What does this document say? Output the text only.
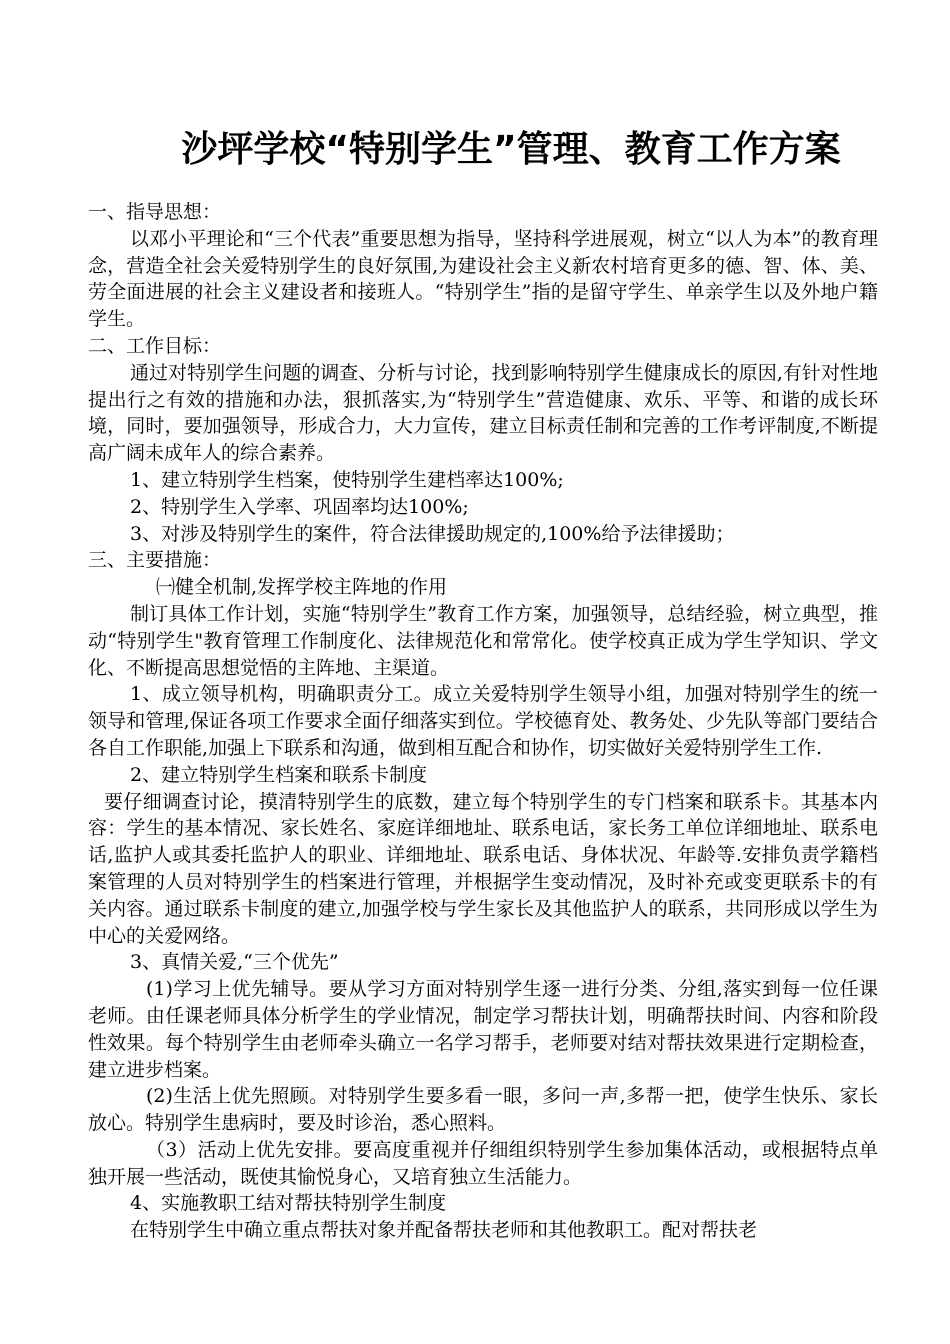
沙坪学校“特别学生”管理、教育工作方案

一、指导思想：

以邓小平理论和“三个代表”重要思想为指导，坚持科学进展观，树立“以人为本”的教育理念，营造全社会关爱特别学生的良好氛围,为建设社会主义新农村培育更多的德、智、体、美、劳全面进展的社会主义建设者和接班人。“特别学生”指的是留守学生、单亲学生以及外地户籍学生。

二、工作目标：

通过对特别学生问题的调查、分析与讨论，找到影响特别学生健康成长的原因,有针对性地提出行之有效的措施和办法，狠抓落实,为“特别学生”营造健康、欢乐、平等、和谐的成长环境，同时，要加强领导，形成合力，大力宣传，建立目标责任制和完善的工作考评制度,不断提高广阔未成年人的综合素养。

1、建立特别学生档案，使特别学生建档率达100%;

2、特别学生入学率、巩固率均达100%;

3、对涉及特别学生的案件，符合法律援助规定的,100%给予法律援助；

三、主要措施：

㈠健全机制,发挥学校主阵地的作用

制订具体工作计划，实施“特别学生”教育工作方案，加强领导，总结经验，树立典型，推动“特别学生"教育管理工作制度化、法律规范化和常常化。使学校真正成为学生学知识、学文化、不断提高思想觉悟的主阵地、主渠道。

1、成立领导机构，明确职责分工。成立关爱特别学生领导小组，加强对特别学生的统一领导和管理,保证各项工作要求全面仔细落实到位。学校德育处、教务处、少先队等部门要结合各自工作职能,加强上下联系和沟通，做到相互配合和协作，切实做好关爱特别学生工作.

2、建立特别学生档案和联系卡制度

要仔细调查讨论，摸清特别学生的底数，建立每个特别学生的专门档案和联系卡。其基本内容：学生的基本情况、家长姓名、家庭详细地址、联系电话，家长务工单位详细地址、联系电话,监护人或其委托监护人的职业、详细地址、联系电话、身体状况、年龄等.安排负责学籍档案管理的人员对特别学生的档案进行管理，并根据学生变动情况，及时补充或变更联系卡的有关内容。通过联系卡制度的建立,加强学校与学生家长及其他监护人的联系，共同形成以学生为中心的关爱网络。

3、真情关爱,“三个优先”

(1)学习上优先辅导。要从学习方面对特别学生逐一进行分类、分组,落实到每一位任课老师。由任课老师具体分析学生的学业情况，制定学习帮扶计划，明确帮扶时间、内容和阶段性效果。每个特别学生由老师牵头确立一名学习帮手，老师要对结对帮扶效果进行定期检查，建立进步档案。

(2)生活上优先照顾。对特别学生要多看一眼，多问一声,多帮一把，使学生快乐、家长放心。特别学生患病时，要及时诊治，悉心照料。

（3）活动上优先安排。要高度重视并仔细组织特别学生参加集体活动，或根据特点单独开展一些活动，既使其愉悦身心，又培育独立生活能力。

4、实施教职工结对帮扶特别学生制度

在特别学生中确立重点帮扶对象并配备帮扶老师和其他教职工。配对帮扶老
